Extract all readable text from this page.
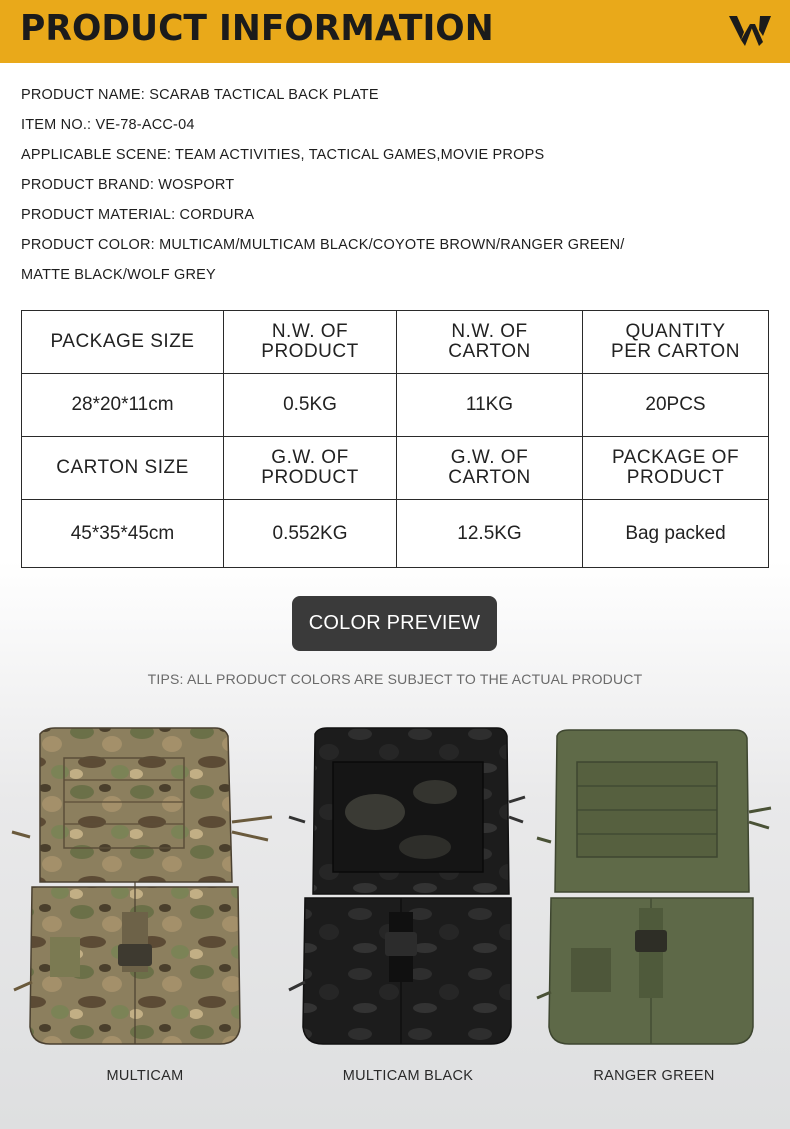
PRODUCT INFORMATION
PRODUCT NAME: SCARAB TACTICAL BACK PLATE
ITEM NO.: VE-78-ACC-04
APPLICABLE SCENE: TEAM ACTIVITIES, TACTICAL GAMES,MOVIE PROPS
PRODUCT BRAND: WOSPORT
PRODUCT MATERIAL: CORDURA
PRODUCT COLOR: MULTICAM/MULTICAM BLACK/COYOTE BROWN/RANGER GREEN/
MATTE BLACK/WOLF GREY
PACKAGE SIZE	N.W. OF PRODUCT	N.W. OF CARTON	QUANTITY PER CARTON
28*20*11cm	0.5KG	11KG	20PCS
CARTON SIZE	G.W. OF PRODUCT	G.W. OF CARTON	PACKAGE OF PRODUCT
45*35*45cm	0.552KG	12.5KG	Bag packed
COLOR PREVIEW
TIPS: ALL PRODUCT COLORS ARE SUBJECT TO THE ACTUAL PRODUCT
MULTICAM	MULTICAM BLACK	RANGER GREEN
